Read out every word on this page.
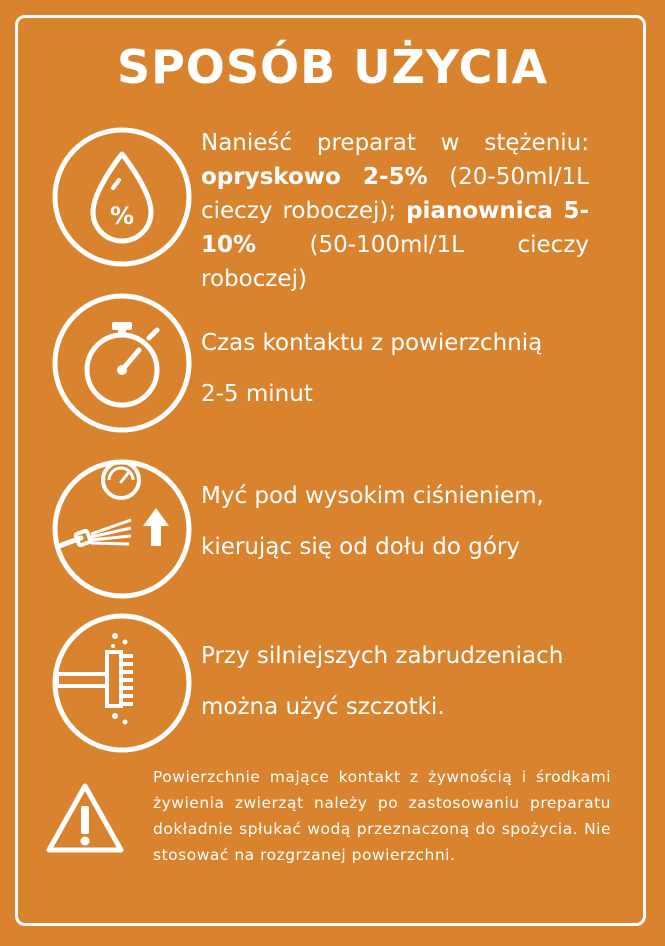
SPOSÓB UŻYCIA
%
Nanieść preparat w stężeniu: opryskowo 2-5% (20-50ml/1L cieczy roboczej); pianownica 5-10% (50-100ml/1L cieczy roboczej)
Czas kontaktu z powierzchnią
2-5 minut
Myć pod wysokim ciśnieniem,
kierując się od dołu do góry
Przy silniejszych zabrudzeniach
można użyć szczotki.
Powierzchnie mające kontakt z żywnością i środkami żywienia zwierząt należy po zastosowaniu preparatu dokładnie spłukać wodą przeznaczoną do spożycia. Nie stosować na rozgrzanej powierzchni.
